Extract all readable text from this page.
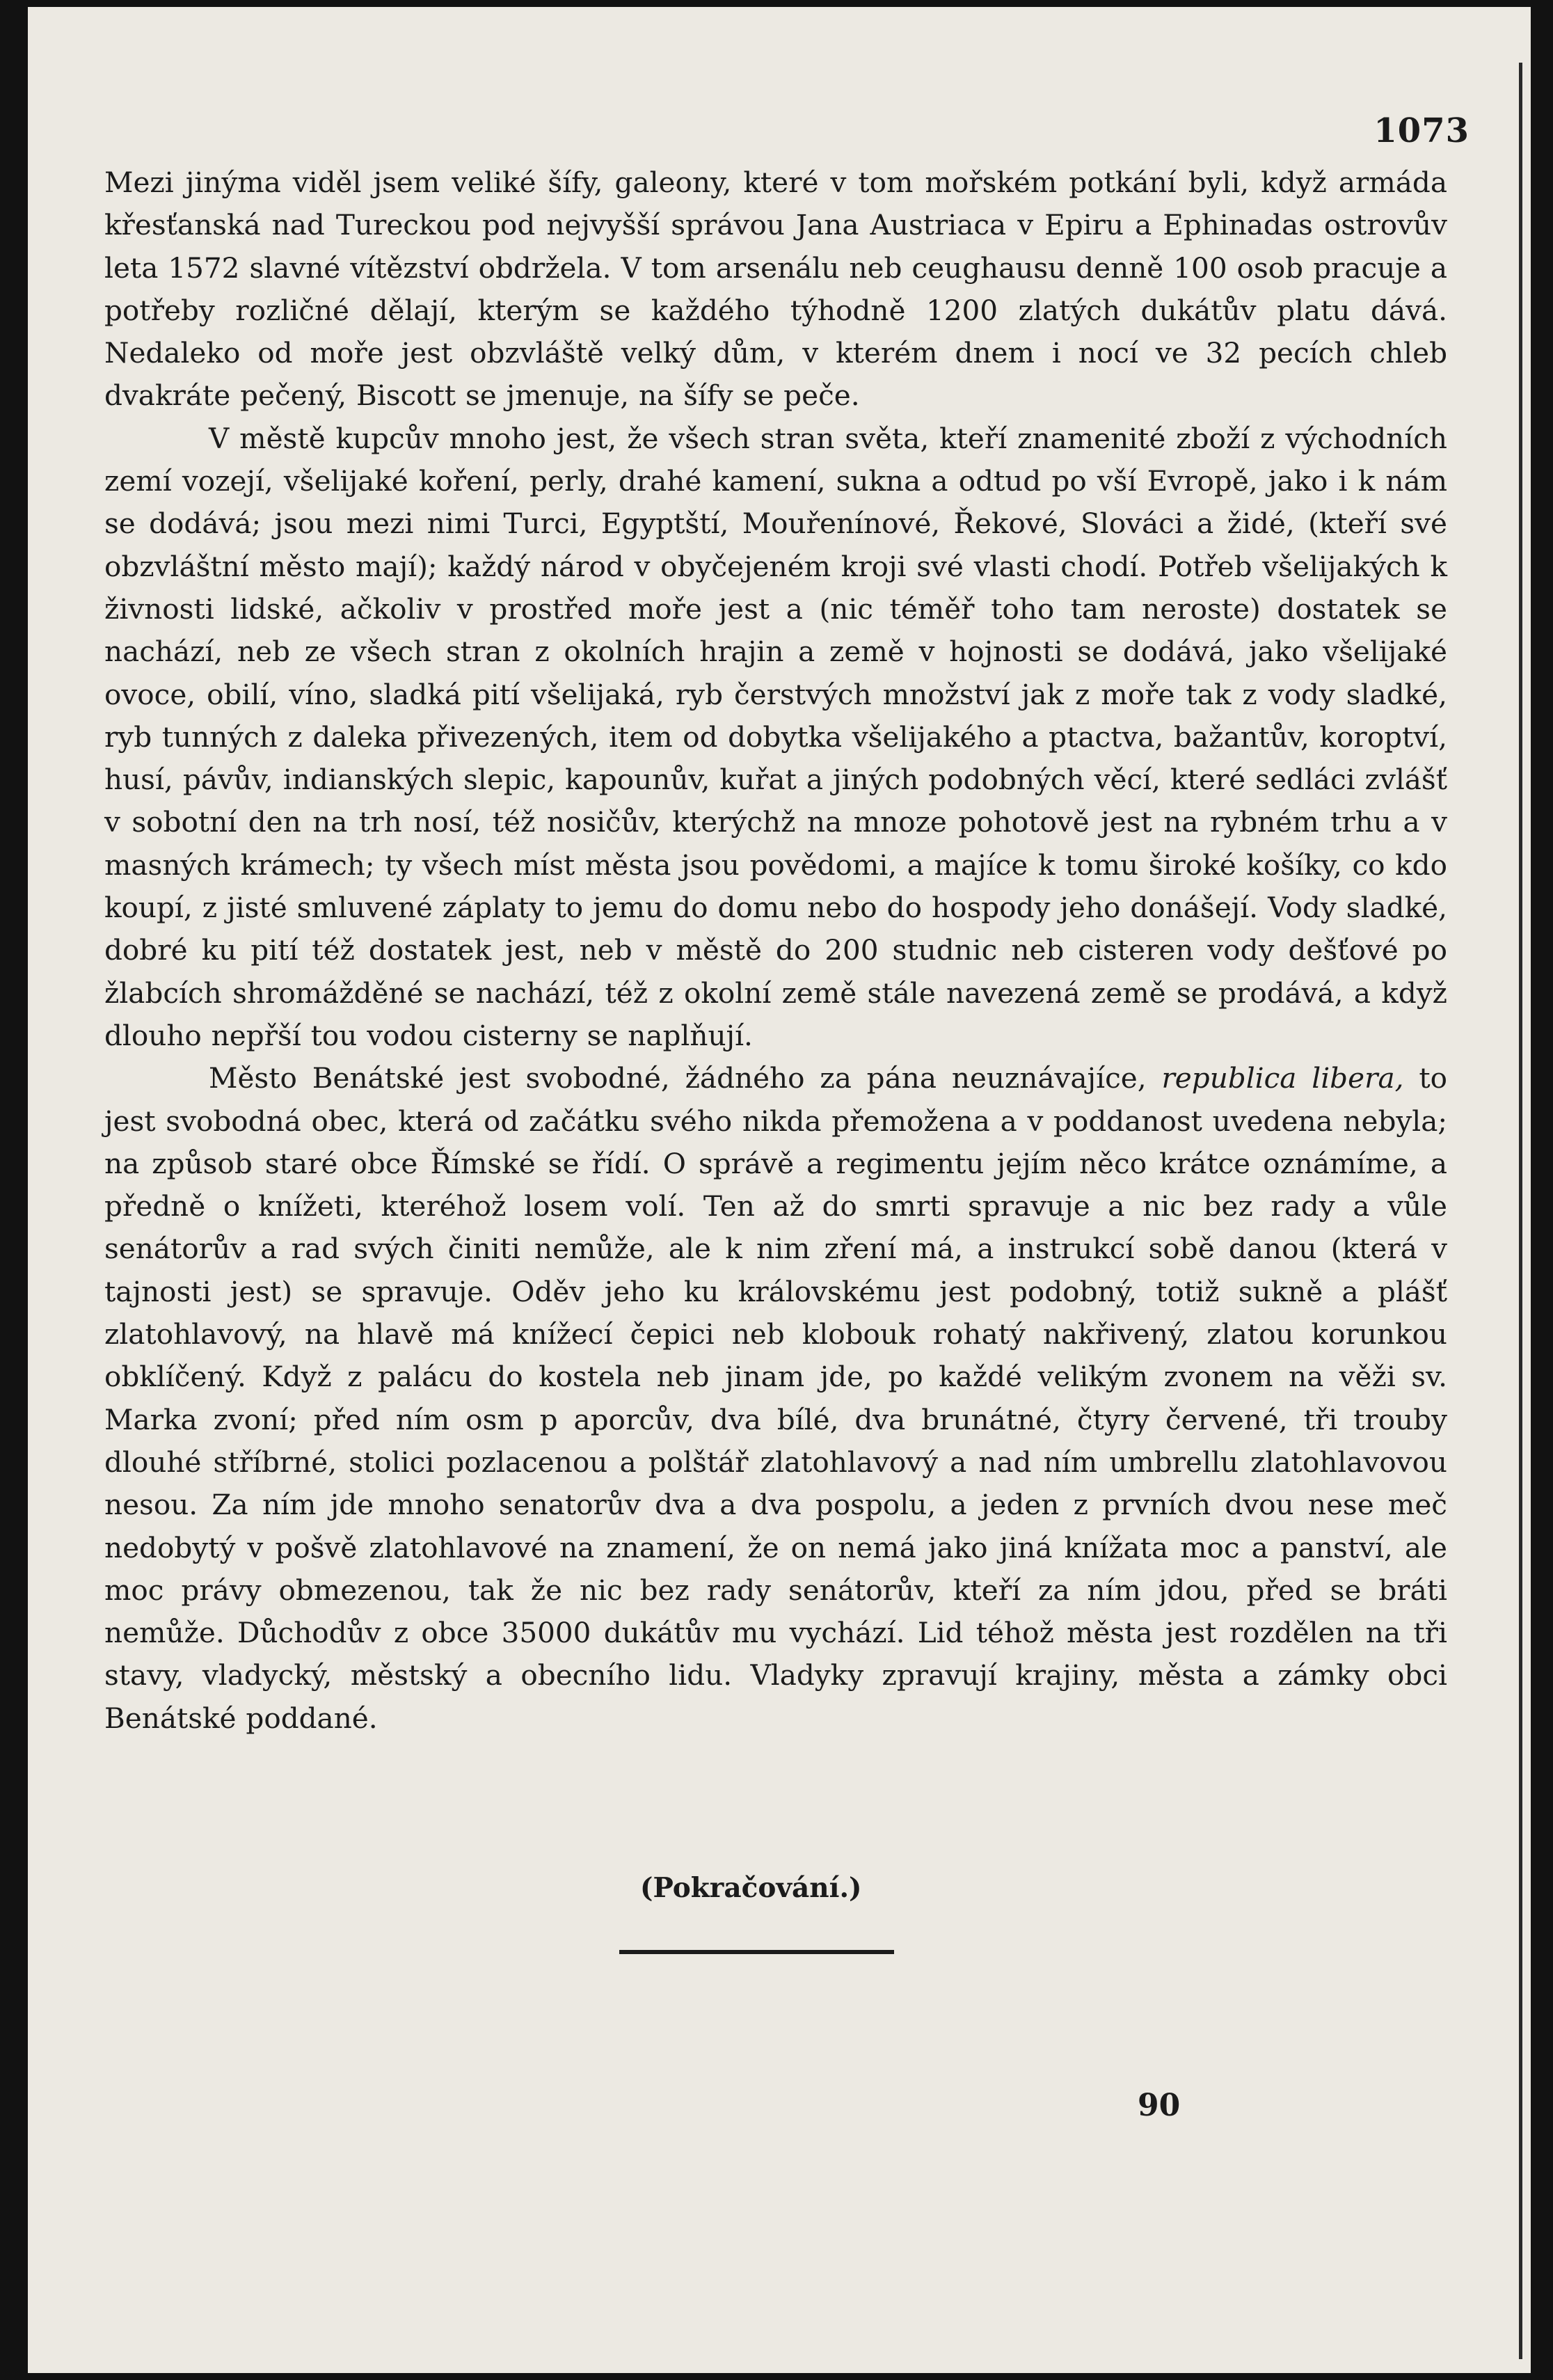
1073

Mezi jinýma viděl jsem veliké šífy, galeony, které v tom mořském potkání byli, když armáda křesťanská nad Tureckou pod nejvyšší správou Jana Austriaca v Epiru a Ephinadas ostrovův leta 1572 slavné vítězství obdržela. V tom arsenálu neb ceughausu denně 100 osob pracuje a potřeby rozličné dělají, kterým se každého týhodně 1200 zlatých dukátův platu dává. Nedaleko od moře jest obzvláště velký dům, v kterém dnem i nocí ve 32 pecích chleb dvakráte pečený, Biscott se jmenuje, na šífy se peče.

V městě kupcův mnoho jest, že všech stran světa, kteří znamenité zboží z východních zemí vozejí, všelijaké koření, perly, drahé kamení, sukna a odtud po vší Evropě, jako i k nám se dodává; jsou mezi nimi Turci, Egyptští, Mouřenínové, Řekové, Slováci a židé, (kteří své obzvláštní město mají); každý národ v obyčejeném kroji své vlasti chodí. Potřeb všelijakých k živnosti lidské, ačkoliv v prostřed moře jest a (nic téměř toho tam neroste) dostatek se nachází, neb ze všech stran z okolních hrajin a země v hojnosti se dodává, jako všelijaké ovoce, obilí, víno, sladká pití všelijaká, ryb čerstvých množství jak z moře tak z vody sladké, ryb tunných z daleka přivezených, item od dobytka všelijakého a ptactva, bažantův, koroptví, husí, pávův, indianských slepic, kapounův, kuřat a jiných podobných věcí, které sedláci zvlášť v sobotní den na trh nosí, též nosičův, kterýchž na mnoze pohotově jest na rybném trhu a v masných krámech; ty všech míst města jsou povědomi, a majíce k tomu široké košíky, co kdo koupí, z jisté smluvené záplaty to jemu do domu nebo do hospody jeho donášejí. Vody sladké, dobré ku pití též dostatek jest, neb v městě do 200 studnic neb cisteren vody dešťové po žlabcích shromážděné se nachází, též z okolní země stále navezená země se prodává, a když dlouho nepřší tou vodou cisterny se naplňují.

Město Benátské jest svobodné, žádného za pána neuznávajíce, republica libera, to jest svobodná obec, která od začátku svého nikda přemožena a v poddanost uvedena nebyla; na způsob staré obce Římské se řídí. O správě a regimentu jejím něco krátce oznámíme, a předně o knížeti, kteréhož losem volí. Ten až do smrti spravuje a nic bez rady a vůle senátorův a rad svých činiti nemůže, ale k nim zření má, a instrukcí sobě danou (která v tajnosti jest) se spravuje. Oděv jeho ku královskému jest podobný, totiž sukně a plášť zlatohlavový, na hlavě má knížecí čepici neb klobouk rohatý nakřivený, zlatou korunkou obklíčený. Když z palácu do kostela neb jinam jde, po každé velikým zvonem na věži sv. Marka zvoní; před ním osm p aporcův, dva bílé, dva brunátné, čtyry červené, tři trouby dlouhé stříbrné, stolici pozlacenou a polštář zlatohlavový a nad ním umbrellu zlatohlavovou nesou. Za ním jde mnoho senatorův dva a dva pospolu, a jeden z prvních dvou nese meč nedobytý v pošvě zlatohlavové na znamení, že on nemá jako jiná knížata moc a panství, ale moc právy obmezenou, tak že nic bez rady senátorův, kteří za ním jdou, před se bráti nemůže. Důchodův z obce 35000 dukátův mu vychází. Lid téhož města jest rozdělen na tři stavy, vladycký, městský a obecního lidu. Vladyky zpravují krajiny, města a zámky obci Benátské poddané.

(Pokračování.)
90
